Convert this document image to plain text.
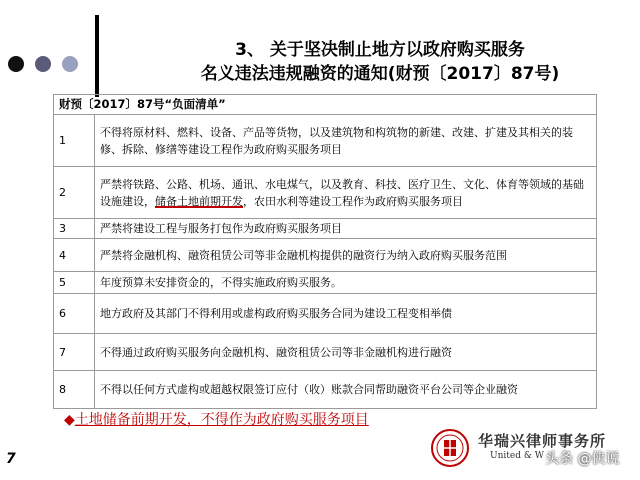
3、 关于坚决制止地方以政府购买服务
名义违法违规融资的通知(财预〔2017〕87号)
财预〔2017〕87号“负面清单”	
1	不得将原材料、燃料、设备、产品等货物，以及建筑物和构筑物的新建、改建、扩建及其相关的装修、拆除、修缮等建设工程作为政府购买服务项目
2	严禁将铁路、公路、机场、通讯、水电煤气，以及教育、科技、医疗卫生、文化、体育等领域的基础设施建设，储备土地前期开发，农田水利等建设工程作为政府购买服务项目
3	严禁将建设工程与服务打包作为政府购买服务项目
4	严禁将金融机构、融资租赁公司等非金融机构提供的融资行为纳入政府购买服务范围
5	年度预算未安排资金的，不得实施政府购买服务。
6	地方政府及其部门不得利用或虚构政府购买服务合同为建设工程变相举债
7	不得通过政府购买服务向金融机构、融资租赁公司等非金融机构进行融资
8	不得以任何方式虚构或超越权限签订应付（收）账款合同帮助融资平台公司等企业融资
◆土地储备前期开发，不得作为政府购买服务项目
7
华瑞兴律师事务所
United & W 头条 @侠说
